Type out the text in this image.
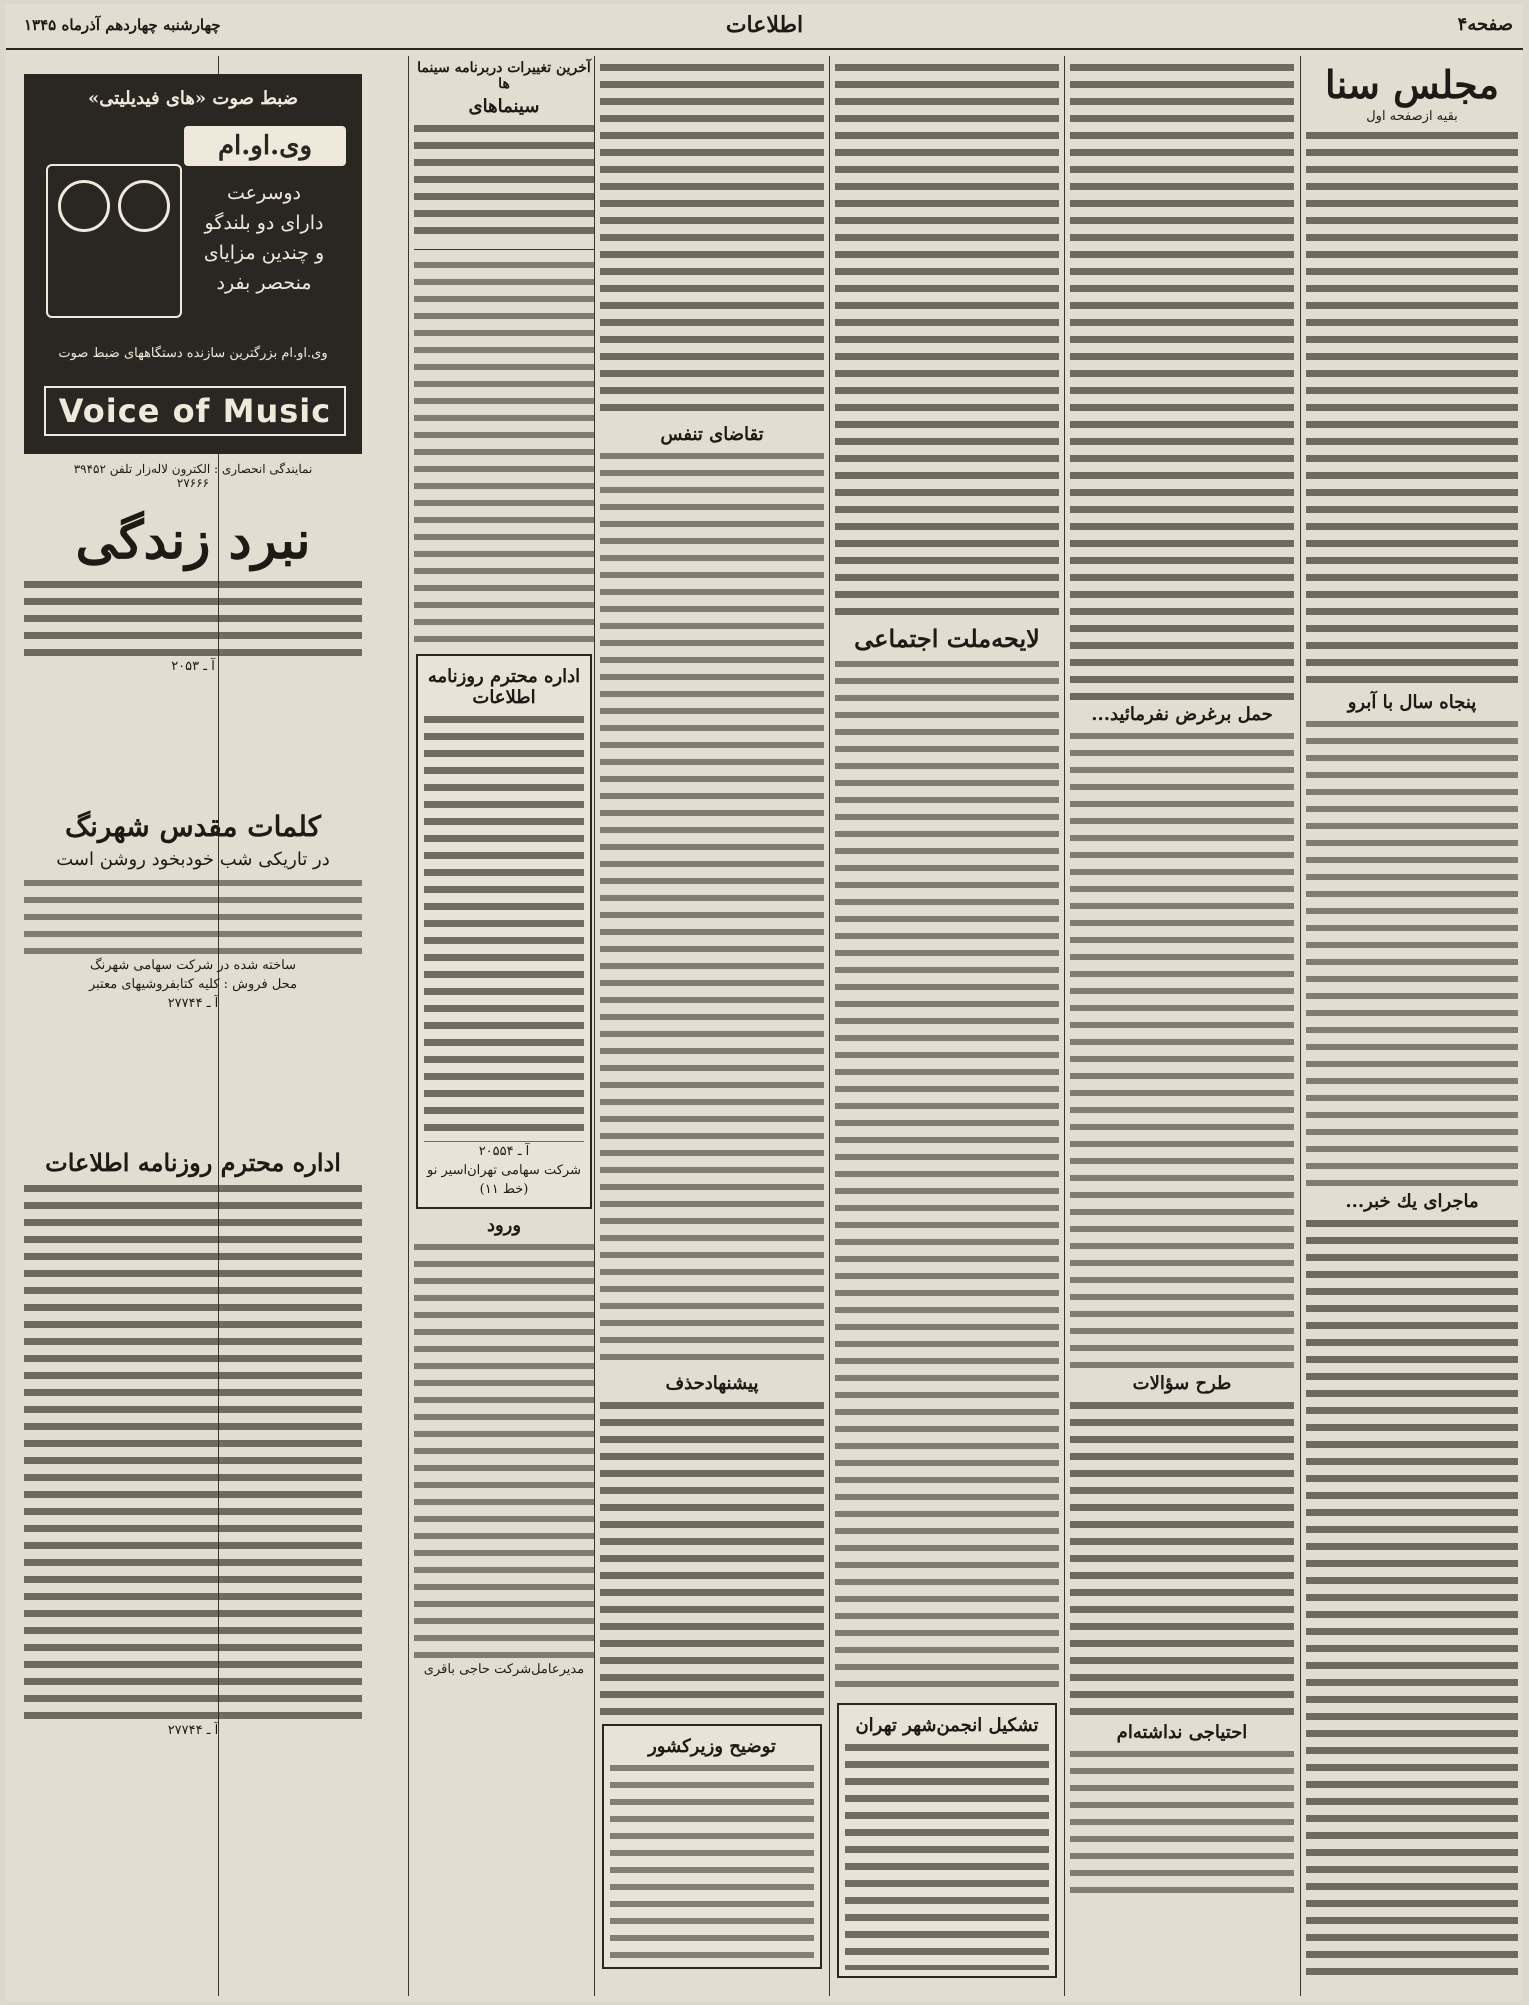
صفحه۴
اطلاعات
چهارشنبه چهاردهم آذرماه ۱۳۴۵
مجلس سنا
بقیه ازصفحه اول
پنجاه سال با آبرو
ماجرای یك خبر...
حمل برغرض نفرمائید...
طرح سؤالات
احتیاجی نداشته‌ام
لایحه‌ملت اجتماعی
تشکیل انجمن‌شهر تهران
تقاضای تنفس
پیشنهادحذف
توضیح وزیرکشور
آخرین تغییرات دربرنامه سینما ها
سینماهای
اداره محترم روزنامه اطلاعات
آ ـ ۲۰۵۵۴
شرکت سهامی تهران‌اسیر نو
(خط ۱۱)
ورود
مدیرعامل‌شرکت حاجی باقری
ضبط صوت «های فیدیلیتی»
وی.او.ام
دوسرعت
دارای دو بلندگو
و چندین مزایای منحصر بفرد
وی.او.ام بزرگترین سازنده دستگاههای ضبط صوت
Voice of Music
نمایندگی انحصاری : الکترون لاله‌زار تلفن ۳۹۴۵۲
۲۷۶۶۶
نبرد زندگی
آ ـ ۲۰۵۳
کلمات مقدس شهرنگ
در تاریکی شب خودبخود روشن است
ساخته شده در شرکت سهامی شهرنگ
محل فروش : کلیه کتابفروشیهای معتبر
آ ـ ۲۷۷۴۴
اداره محترم روزنامه اطلاعات
آ ـ ۲۷۷۴۴
